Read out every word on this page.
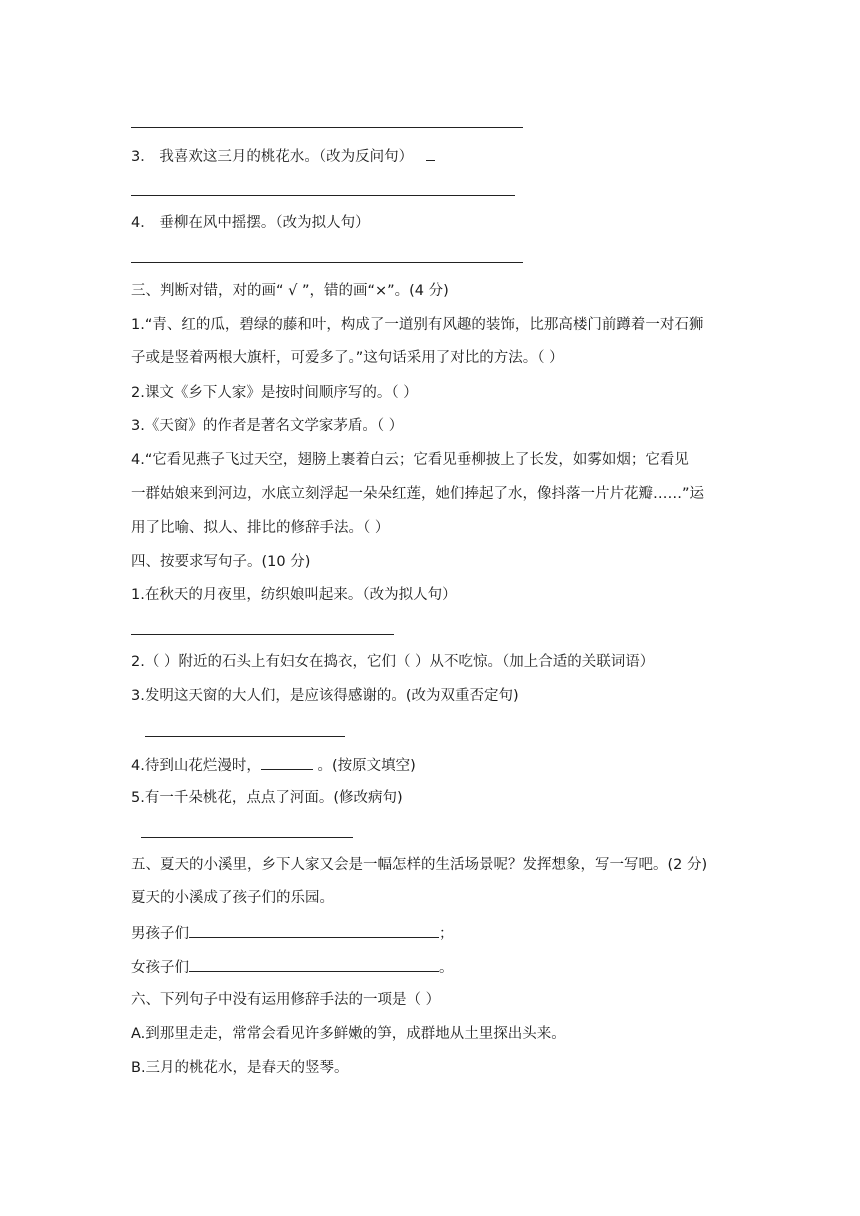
3． 我喜欢这三月的桃花水。（改为反问句）
4． 垂柳在风中摇摆。（改为拟人句）
三、判断对错，对的画“ √ ”，错的画“×”。(4 分)
1.“青、红的瓜，碧绿的藤和叶，构成了一道别有风趣的装饰，比那高楼门前蹲着一对石狮
子或是竖着两根大旗杆，可爱多了。”这句话采用了对比的方法。（ ）
2.课文《乡下人家》是按时间顺序写的。（ ）
3.《天窗》的作者是著名文学家茅盾。（ ）
4.“它看见燕子飞过天空，翅膀上裹着白云；它看见垂柳披上了长发，如雾如烟；它看见
一群姑娘来到河边，水底立刻浮起一朵朵红莲，她们捧起了水，像抖落一片片花瓣……”运
用了比喻、拟人、排比的修辞手法。（ ）
四、按要求写句子。(10 分)
1.在秋天的月夜里，纺织娘叫起来。（改为拟人句）
2.（ ）附近的石头上有妇女在捣衣，它们（ ）从不吃惊。（加上合适的关联词语）
3.发明这天窗的大人们，是应该得感谢的。(改为双重否定句)
4.待到山花烂漫时，	。(按原文填空)
5.有一千朵桃花，点点了河面。(修改病句)
五、夏天的小溪里，乡下人家又会是一幅怎样的生活场景呢？发挥想象，写一写吧。(2 分)
夏天的小溪成了孩子们的乐园。
男孩子们	；
女孩子们	。
六、下列句子中没有运用修辞手法的一项是（ ）
A.到那里走走，常常会看见许多鲜嫩的笋，成群地从土里探出头来。
B.三月的桃花水，是春天的竖琴。
